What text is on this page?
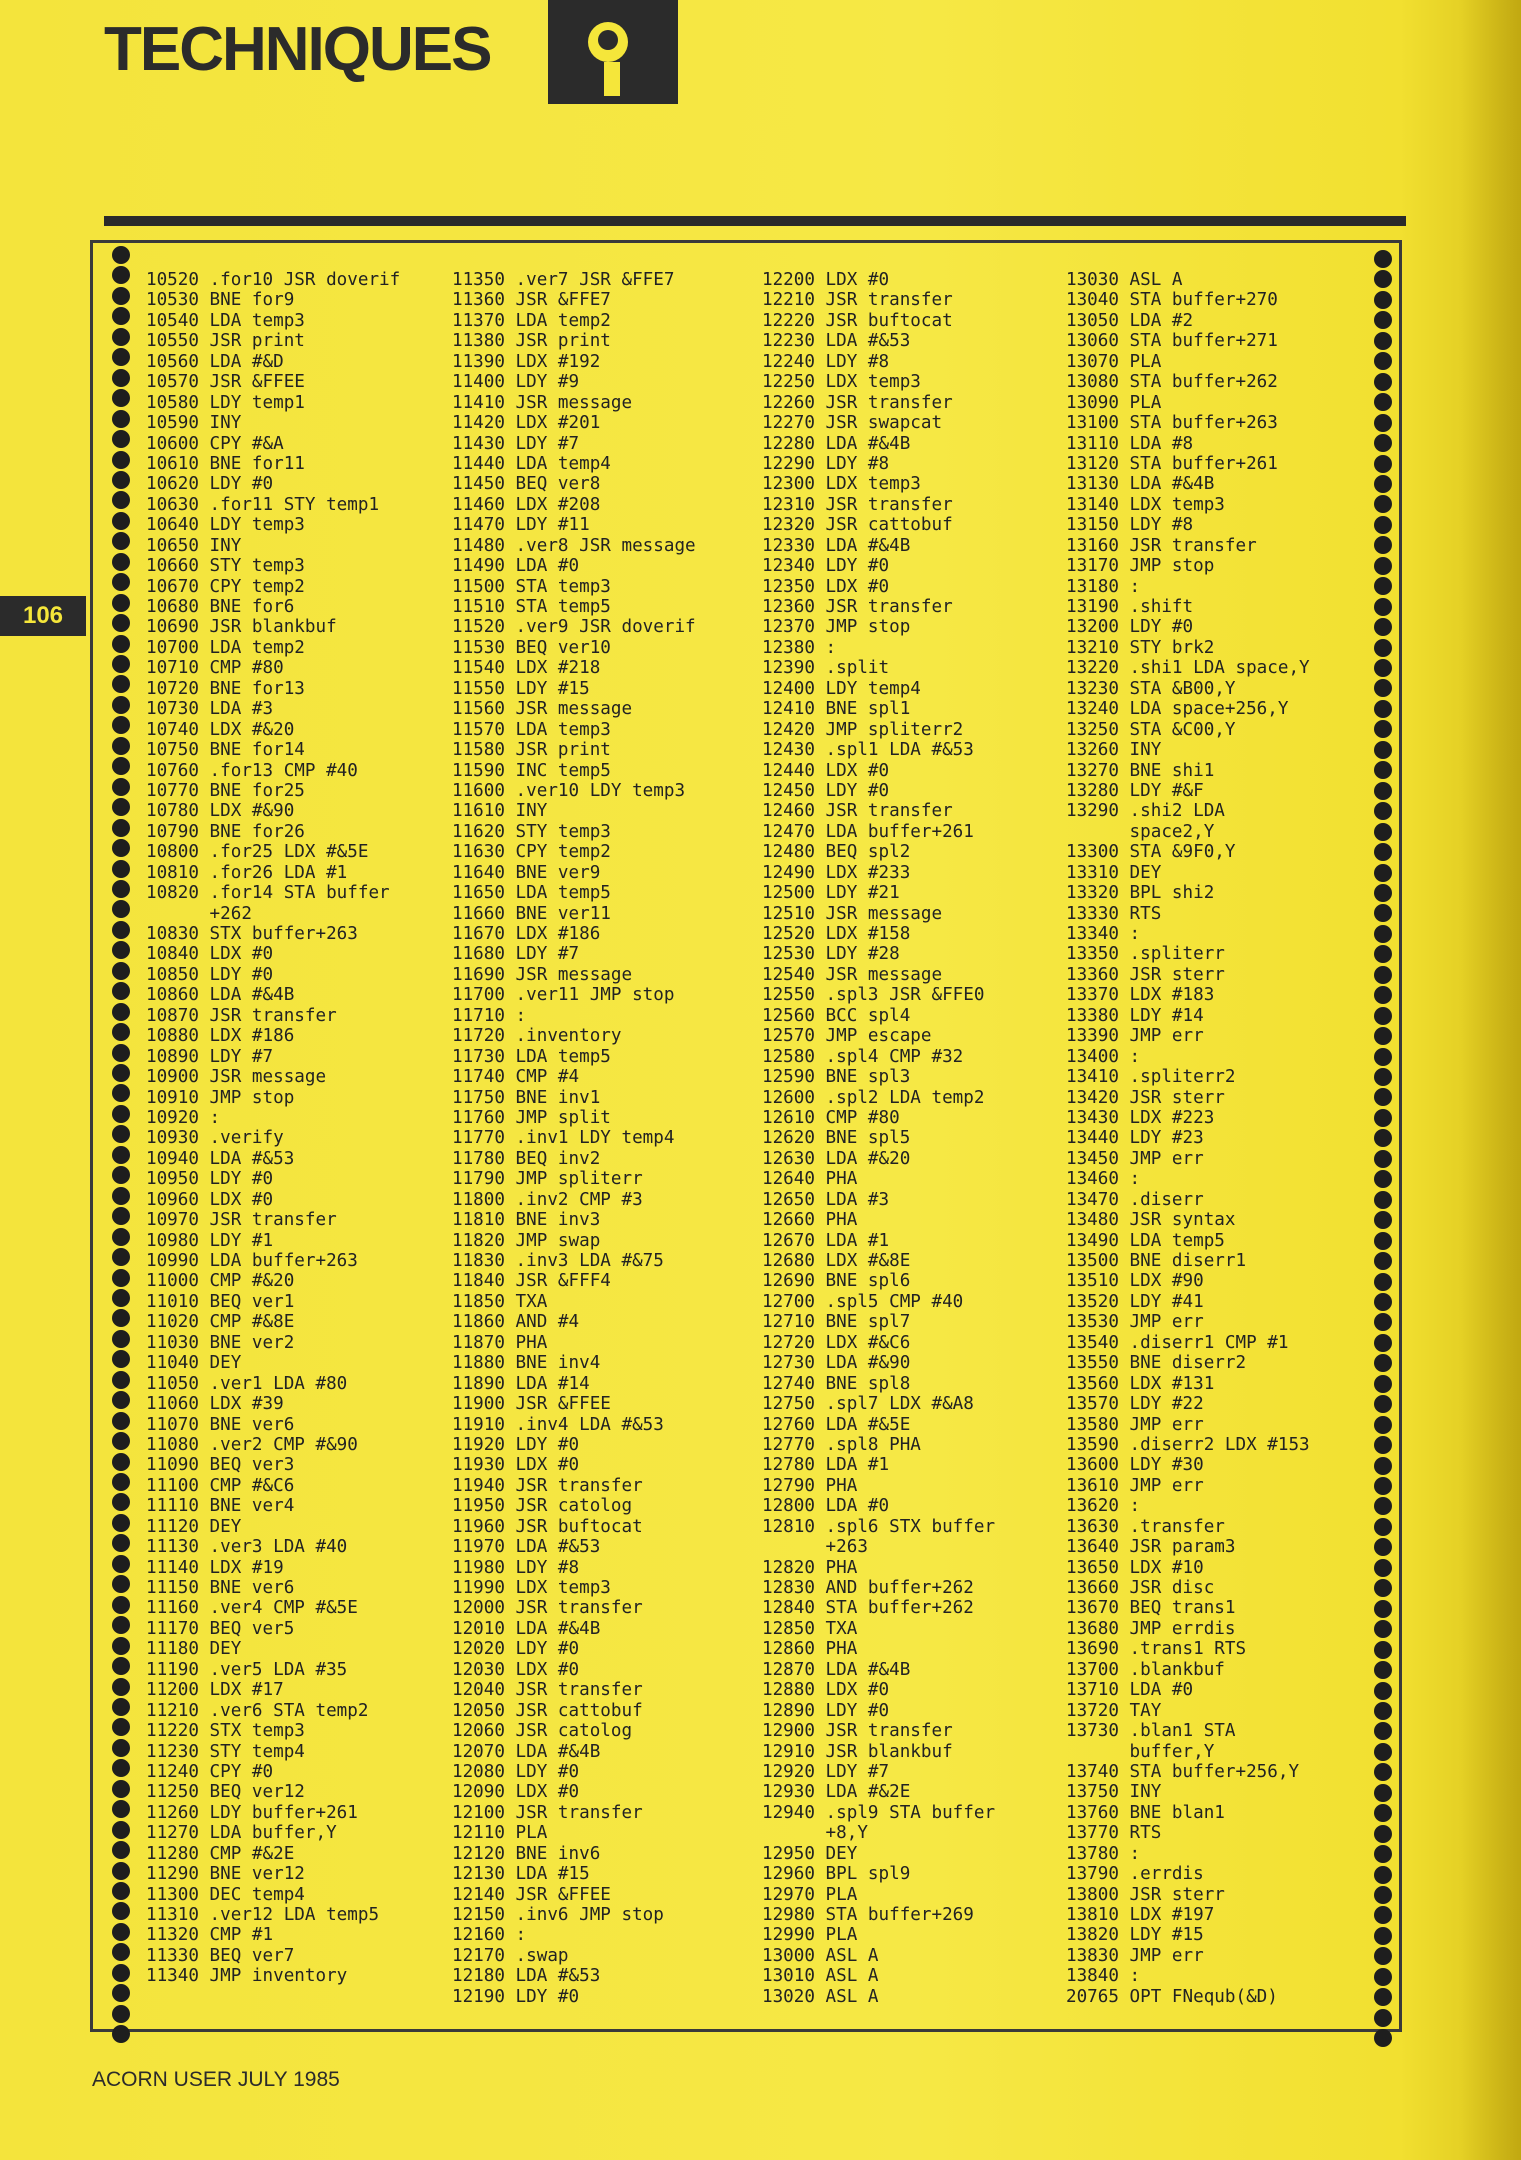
TECHNIQUES
106
10520 .for10 JSR doverif
10530 BNE for9
10540 LDA temp3
10550 JSR print
10560 LDA #&D
10570 JSR &FFEE
10580 LDY temp1
10590 INY
10600 CPY #&A
10610 BNE for11
10620 LDY #0
10630 .for11 STY temp1
10640 LDY temp3
10650 INY
10660 STY temp3
10670 CPY temp2
10680 BNE for6
10690 JSR blankbuf
10700 LDA temp2
10710 CMP #80
10720 BNE for13
10730 LDA #3
10740 LDX #&20
10750 BNE for14
10760 .for13 CMP #40
10770 BNE for25
10780 LDX #&90
10790 BNE for26
10800 .for25 LDX #&5E
10810 .for26 LDA #1
10820 .for14 STA buffer
+262
10830 STX buffer+263
10840 LDX #0
10850 LDY #0
10860 LDA #&4B
10870 JSR transfer
10880 LDX #186
10890 LDY #7
10900 JSR message
10910 JMP stop
10920 :
10930 .verify
10940 LDA #&53
10950 LDY #0
10960 LDX #0
10970 JSR transfer
10980 LDY #1
10990 LDA buffer+263
11000 CMP #&20
11010 BEQ ver1
11020 CMP #&8E
11030 BNE ver2
11040 DEY
11050 .ver1 LDA #80
11060 LDX #39
11070 BNE ver6
11080 .ver2 CMP #&90
11090 BEQ ver3
11100 CMP #&C6
11110 BNE ver4
11120 DEY
11130 .ver3 LDA #40
11140 LDX #19
11150 BNE ver6
11160 .ver4 CMP #&5E
11170 BEQ ver5
11180 DEY
11190 .ver5 LDA #35
11200 LDX #17
11210 .ver6 STA temp2
11220 STX temp3
11230 STY temp4
11240 CPY #0
11250 BEQ ver12
11260 LDY buffer+261
11270 LDA buffer,Y
11280 CMP #&2E
11290 BNE ver12
11300 DEC temp4
11310 .ver12 LDA temp5
11320 CMP #1
11330 BEQ ver7
11340 JMP inventory
11350 .ver7 JSR &FFE7
11360 JSR &FFE7
11370 LDA temp2
11380 JSR print
11390 LDX #192
11400 LDY #9
11410 JSR message
11420 LDX #201
11430 LDY #7
11440 LDA temp4
11450 BEQ ver8
11460 LDX #208
11470 LDY #11
11480 .ver8 JSR message
11490 LDA #0
11500 STA temp3
11510 STA temp5
11520 .ver9 JSR doverif
11530 BEQ ver10
11540 LDX #218
11550 LDY #15
11560 JSR message
11570 LDA temp3
11580 JSR print
11590 INC temp5
11600 .ver10 LDY temp3
11610 INY
11620 STY temp3
11630 CPY temp2
11640 BNE ver9
11650 LDA temp5
11660 BNE ver11
11670 LDX #186
11680 LDY #7
11690 JSR message
11700 .ver11 JMP stop
11710 :
11720 .inventory
11730 LDA temp5
11740 CMP #4
11750 BNE inv1
11760 JMP split
11770 .inv1 LDY temp4
11780 BEQ inv2
11790 JMP spliterr
11800 .inv2 CMP #3
11810 BNE inv3
11820 JMP swap
11830 .inv3 LDA #&75
11840 JSR &FFF4
11850 TXA
11860 AND #4
11870 PHA
11880 BNE inv4
11890 LDA #14
11900 JSR &FFEE
11910 .inv4 LDA #&53
11920 LDY #0
11930 LDX #0
11940 JSR transfer
11950 JSR catolog
11960 JSR buftocat
11970 LDA #&53
11980 LDY #8
11990 LDX temp3
12000 JSR transfer
12010 LDA #&4B
12020 LDY #0
12030 LDX #0
12040 JSR transfer
12050 JSR cattobuf
12060 JSR catolog
12070 LDA #&4B
12080 LDY #0
12090 LDX #0
12100 JSR transfer
12110 PLA
12120 BNE inv6
12130 LDA #15
12140 JSR &FFEE
12150 .inv6 JMP stop
12160 :
12170 .swap
12180 LDA #&53
12190 LDY #0
12200 LDX #0
12210 JSR transfer
12220 JSR buftocat
12230 LDA #&53
12240 LDY #8
12250 LDX temp3
12260 JSR transfer
12270 JSR swapcat
12280 LDA #&4B
12290 LDY #8
12300 LDX temp3
12310 JSR transfer
12320 JSR cattobuf
12330 LDA #&4B
12340 LDY #0
12350 LDX #0
12360 JSR transfer
12370 JMP stop
12380 :
12390 .split
12400 LDY temp4
12410 BNE spl1
12420 JMP spliterr2
12430 .spl1 LDA #&53
12440 LDX #0
12450 LDY #0
12460 JSR transfer
12470 LDA buffer+261
12480 BEQ spl2
12490 LDX #233
12500 LDY #21
12510 JSR message
12520 LDX #158
12530 LDY #28
12540 JSR message
12550 .spl3 JSR &FFE0
12560 BCC spl4
12570 JMP escape
12580 .spl4 CMP #32
12590 BNE spl3
12600 .spl2 LDA temp2
12610 CMP #80
12620 BNE spl5
12630 LDA #&20
12640 PHA
12650 LDA #3
12660 PHA
12670 LDA #1
12680 LDX #&8E
12690 BNE spl6
12700 .spl5 CMP #40
12710 BNE spl7
12720 LDX #&C6
12730 LDA #&90
12740 BNE spl8
12750 .spl7 LDX #&A8
12760 LDA #&5E
12770 .spl8 PHA
12780 LDA #1
12790 PHA
12800 LDA #0
12810 .spl6 STX buffer
+263
12820 PHA
12830 AND buffer+262
12840 STA buffer+262
12850 TXA
12860 PHA
12870 LDA #&4B
12880 LDX #0
12890 LDY #0
12900 JSR transfer
12910 JSR blankbuf
12920 LDY #7
12930 LDA #&2E
12940 .spl9 STA buffer
+8,Y
12950 DEY
12960 BPL spl9
12970 PLA
12980 STA buffer+269
12990 PLA
13000 ASL A
13010 ASL A
13020 ASL A
13030 ASL A
13040 STA buffer+270
13050 LDA #2
13060 STA buffer+271
13070 PLA
13080 STA buffer+262
13090 PLA
13100 STA buffer+263
13110 LDA #8
13120 STA buffer+261
13130 LDA #&4B
13140 LDX temp3
13150 LDY #8
13160 JSR transfer
13170 JMP stop
13180 :
13190 .shift
13200 LDY #0
13210 STY brk2
13220 .shi1 LDA space,Y
13230 STA &B00,Y
13240 LDA space+256,Y
13250 STA &C00,Y
13260 INY
13270 BNE shi1
13280 LDY #&F
13290 .shi2 LDA
space2,Y
13300 STA &9F0,Y
13310 DEY
13320 BPL shi2
13330 RTS
13340 :
13350 .spliterr
13360 JSR sterr
13370 LDX #183
13380 LDY #14
13390 JMP err
13400 :
13410 .spliterr2
13420 JSR sterr
13430 LDX #223
13440 LDY #23
13450 JMP err
13460 :
13470 .diserr
13480 JSR syntax
13490 LDA temp5
13500 BNE diserr1
13510 LDX #90
13520 LDY #41
13530 JMP err
13540 .diserr1 CMP #1
13550 BNE diserr2
13560 LDX #131
13570 LDY #22
13580 JMP err
13590 .diserr2 LDX #153
13600 LDY #30
13610 JMP err
13620 :
13630 .transfer
13640 JSR param3
13650 LDX #10
13660 JSR disc
13670 BEQ trans1
13680 JMP errdis
13690 .trans1 RTS
13700 .blankbuf
13710 LDA #0
13720 TAY
13730 .blan1 STA
buffer,Y
13740 STA buffer+256,Y
13750 INY
13760 BNE blan1
13770 RTS
13780 :
13790 .errdis
13800 JSR sterr
13810 LDX #197
13820 LDY #15
13830 JMP err
13840 :
20765 OPT FNequb(&D)
ACORN USER JULY 1985
